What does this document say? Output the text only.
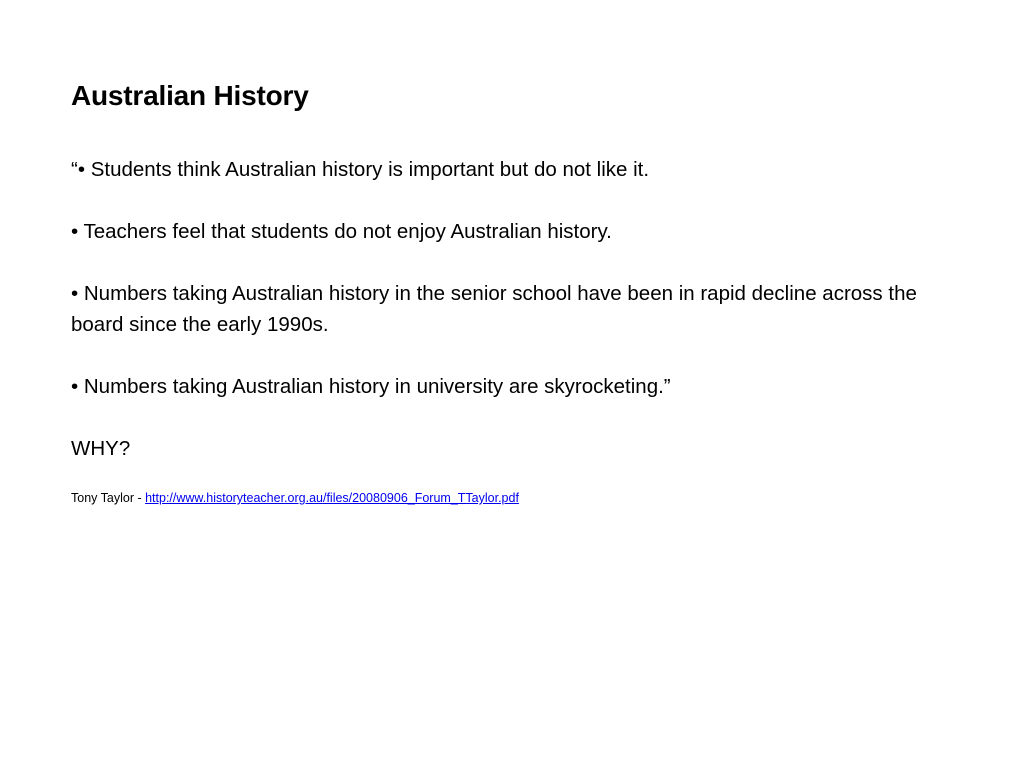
Australian History
“• Students think Australian history is important but do not like it.
• Teachers feel that students do not enjoy Australian history.
• Numbers taking Australian history in the senior school have been in rapid decline across the board since the early 1990s.
• Numbers taking Australian history in university are skyrocketing.”
WHY?
Tony Taylor - http://www.historyteacher.org.au/files/20080906_Forum_TTaylor.pdf
